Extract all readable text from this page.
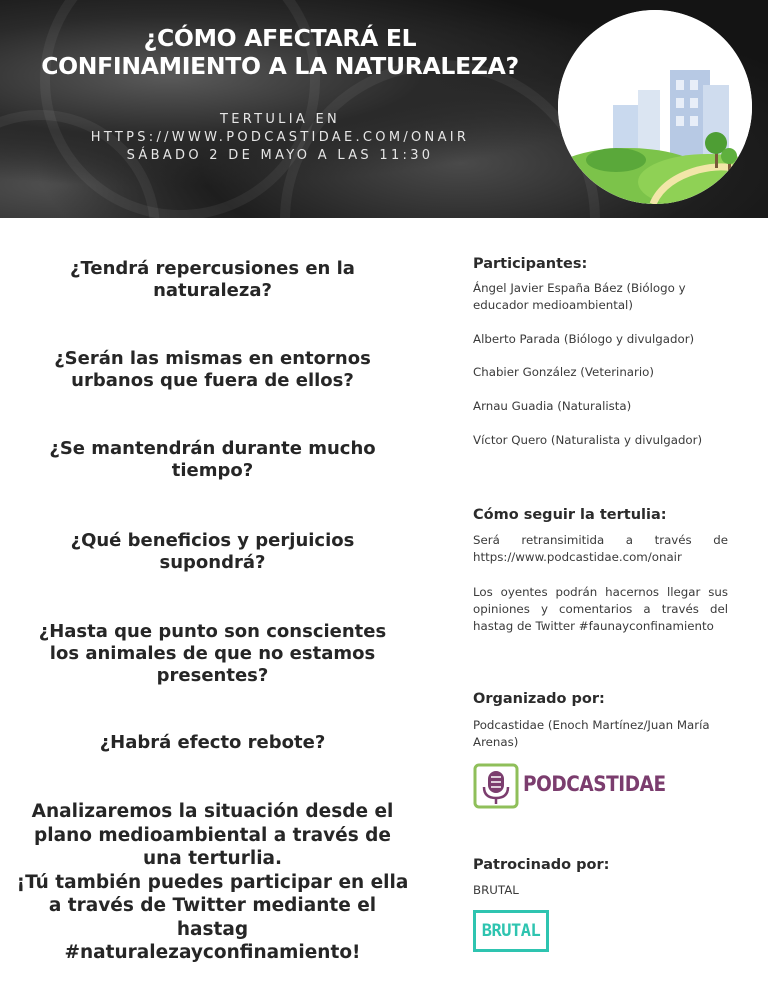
¿CÓMO AFECTARÁ EL
CONFINAMIENTO A LA NATURALEZA?
TERTULIA EN
HTTPS://WWW.PODCASTIDAE.COM/ONAIR
SÁBADO 2 DE MAYO A LAS 11:30
¿Tendrá repercusiones en la naturaleza?
¿Serán las mismas en entornos urbanos que fuera de ellos?
¿Se mantendrán durante mucho tiempo?
¿Qué beneficios y perjuicios supondrá?
¿Hasta que punto son conscientes los animales de que no estamos presentes?
¿Habrá efecto rebote?
Analizaremos la situación desde el plano medioambiental a través de una terturlia.
¡Tú también puedes participar en ella a través de Twitter mediante el hastag
#naturalezayconfinamiento!
Participantes:
Ángel Javier España Báez (Biólogo y educador medioambiental)
Alberto Parada (Biólogo y divulgador)
Chabier González (Veterinario)
Arnau Guadia (Naturalista)
Víctor Quero (Naturalista y divulgador)
Cómo seguir la tertulia:
Será retransimitida a través de https://www.podcastidae.com/onair
Los oyentes podrán hacernos llegar sus opiniones y comentarios a través del hastag de Twitter #faunayconfinamiento
Organizado por:
Podcastidae (Enoch Martínez/Juan María Arenas)
PODCASTIDAE
Patrocinado por:
BRUTAL
BRUTAL
